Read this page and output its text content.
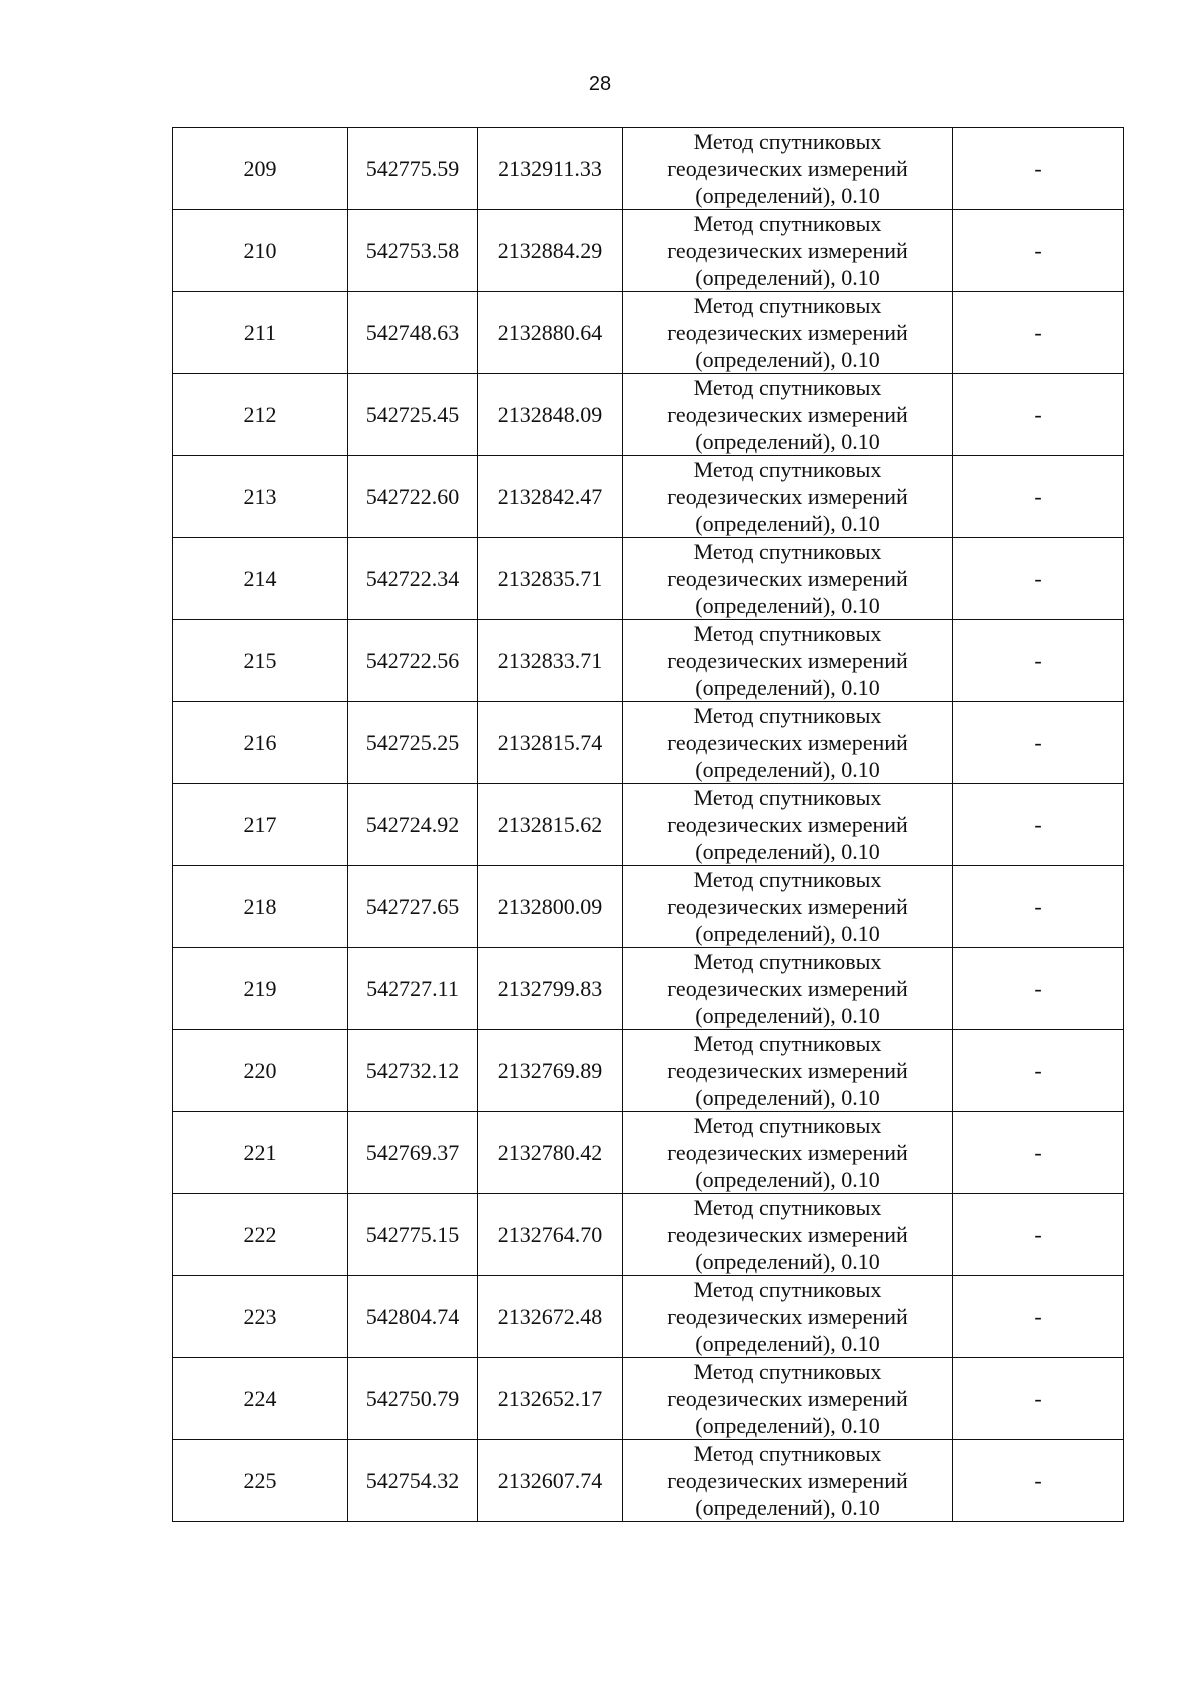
28
209	542775.59	2132911.33	Метод спутниковых
геодезических измерений
(определений), 0.10	-
210	542753.58	2132884.29	Метод спутниковых
геодезических измерений
(определений), 0.10	-
211	542748.63	2132880.64	Метод спутниковых
геодезических измерений
(определений), 0.10	-
212	542725.45	2132848.09	Метод спутниковых
геодезических измерений
(определений), 0.10	-
213	542722.60	2132842.47	Метод спутниковых
геодезических измерений
(определений), 0.10	-
214	542722.34	2132835.71	Метод спутниковых
геодезических измерений
(определений), 0.10	-
215	542722.56	2132833.71	Метод спутниковых
геодезических измерений
(определений), 0.10	-
216	542725.25	2132815.74	Метод спутниковых
геодезических измерений
(определений), 0.10	-
217	542724.92	2132815.62	Метод спутниковых
геодезических измерений
(определений), 0.10	-
218	542727.65	2132800.09	Метод спутниковых
геодезических измерений
(определений), 0.10	-
219	542727.11	2132799.83	Метод спутниковых
геодезических измерений
(определений), 0.10	-
220	542732.12	2132769.89	Метод спутниковых
геодезических измерений
(определений), 0.10	-
221	542769.37	2132780.42	Метод спутниковых
геодезических измерений
(определений), 0.10	-
222	542775.15	2132764.70	Метод спутниковых
геодезических измерений
(определений), 0.10	-
223	542804.74	2132672.48	Метод спутниковых
геодезических измерений
(определений), 0.10	-
224	542750.79	2132652.17	Метод спутниковых
геодезических измерений
(определений), 0.10	-
225	542754.32	2132607.74	Метод спутниковых
геодезических измерений
(определений), 0.10	-
